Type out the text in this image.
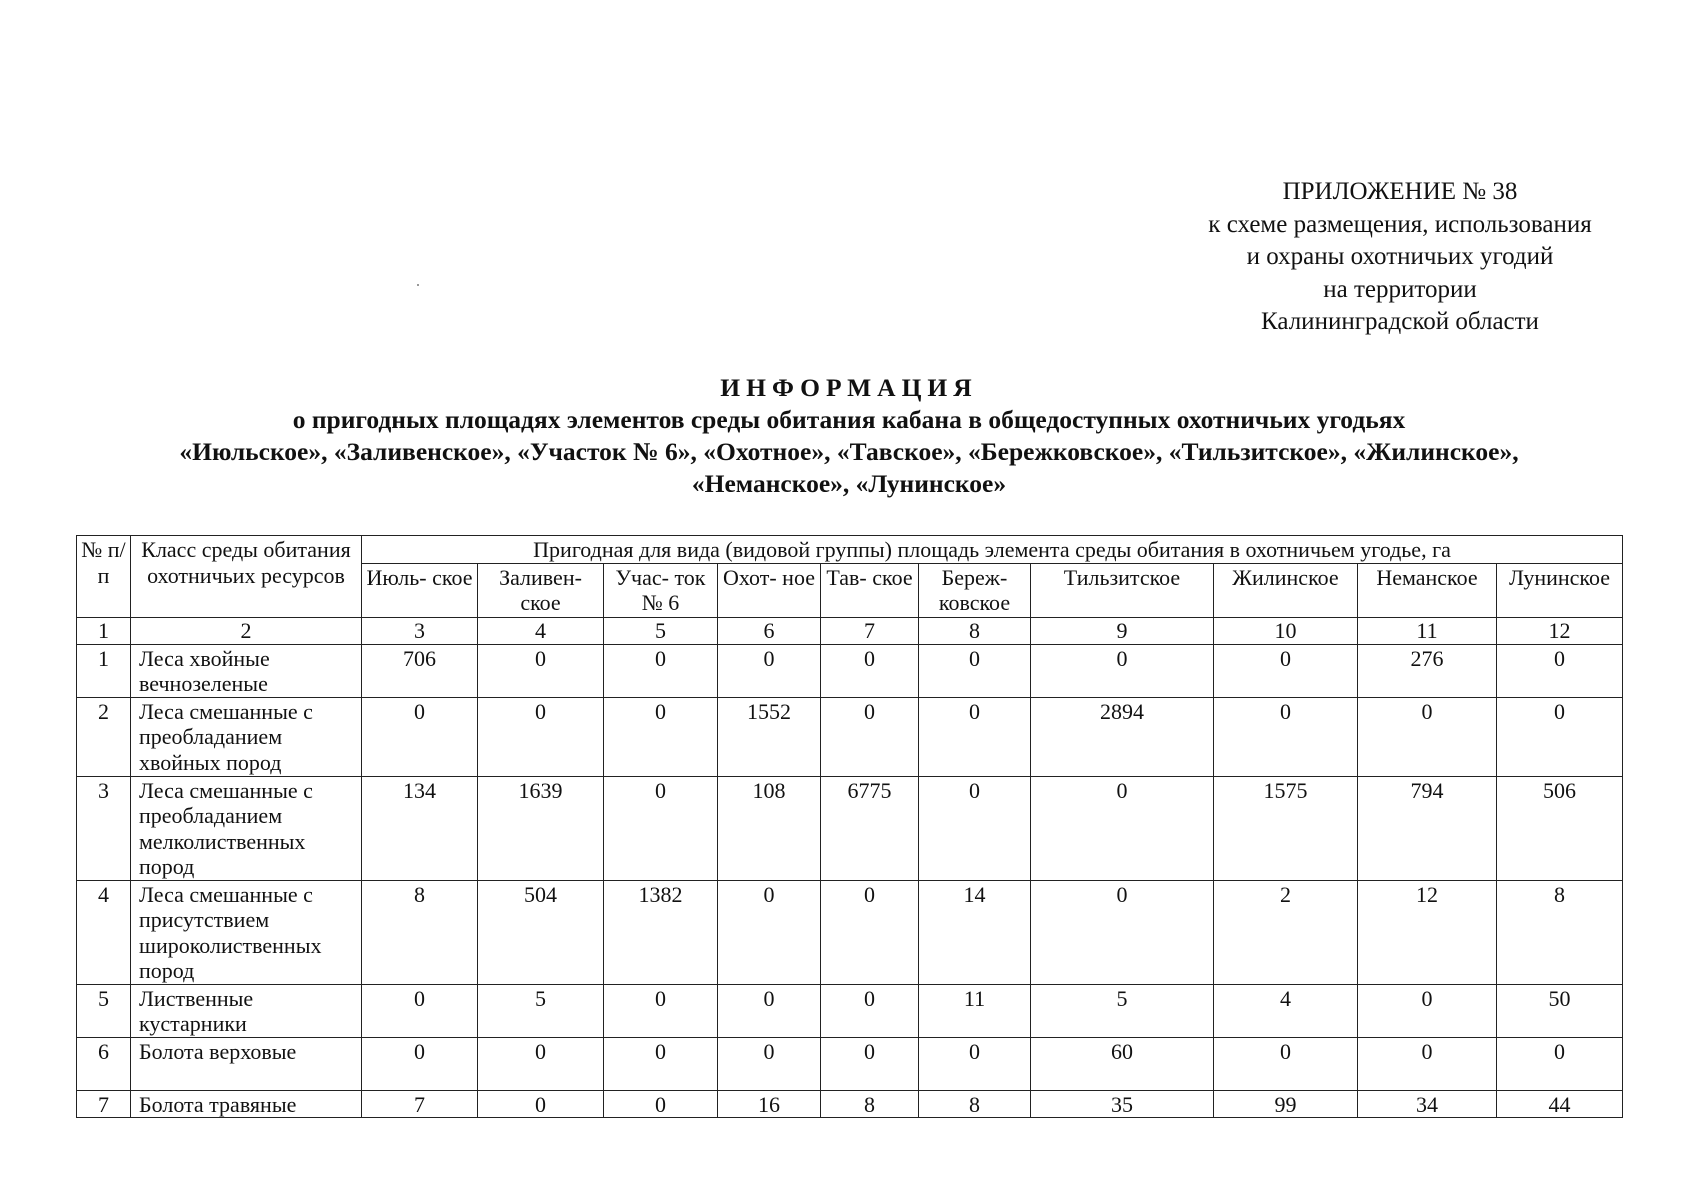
ПРИЛОЖЕНИЕ № 38
к схеме размещения, использования
и охраны охотничьих угодий
на территории
Калининградской области
ИНФОРМАЦИЯ
о пригодных площадях элементов среды обитания кабана в общедоступных охотничьих угодьях
«Июльское», «Заливенское», «Участок № 6», «Охотное», «Тавское», «Бережковское», «Тильзитское», «Жилинское»,
«Неманское», «Лунинское»
№ п/п	Класс среды обитания охотничьих ресурсов	Пригодная для вида (видовой группы) площадь элемента среды обитания в охотничьем угодье, га									
		Июль- ское	Заливен- ское	Учас- ток № 6	Охот- ное	Тав- ское	Береж- ковское	Тильзитское	Жилинское	Неманское	Лунинское
1	2	3	4	5	6	7	8	9	10	11	12
1	Леса хвойные вечнозеленые	706	0	0	0	0	0	0	0	276	0
2	Леса смешанные с преобладанием хвойных пород	0	0	0	1552	0	0	2894	0	0	0
3	Леса смешанные с преобладанием мелколиственных пород	134	1639	0	108	6775	0	0	1575	794	506
4	Леса смешанные с присутствием широколиственных пород	8	504	1382	0	0	14	0	2	12	8
5	Лиственные кустарники	0	5	0	0	0	11	5	4	0	50
6	Болота верховые	0	0	0	0	0	0	60	0	0	0
7	Болота травяные	7	0	0	16	8	8	35	99	34	44
